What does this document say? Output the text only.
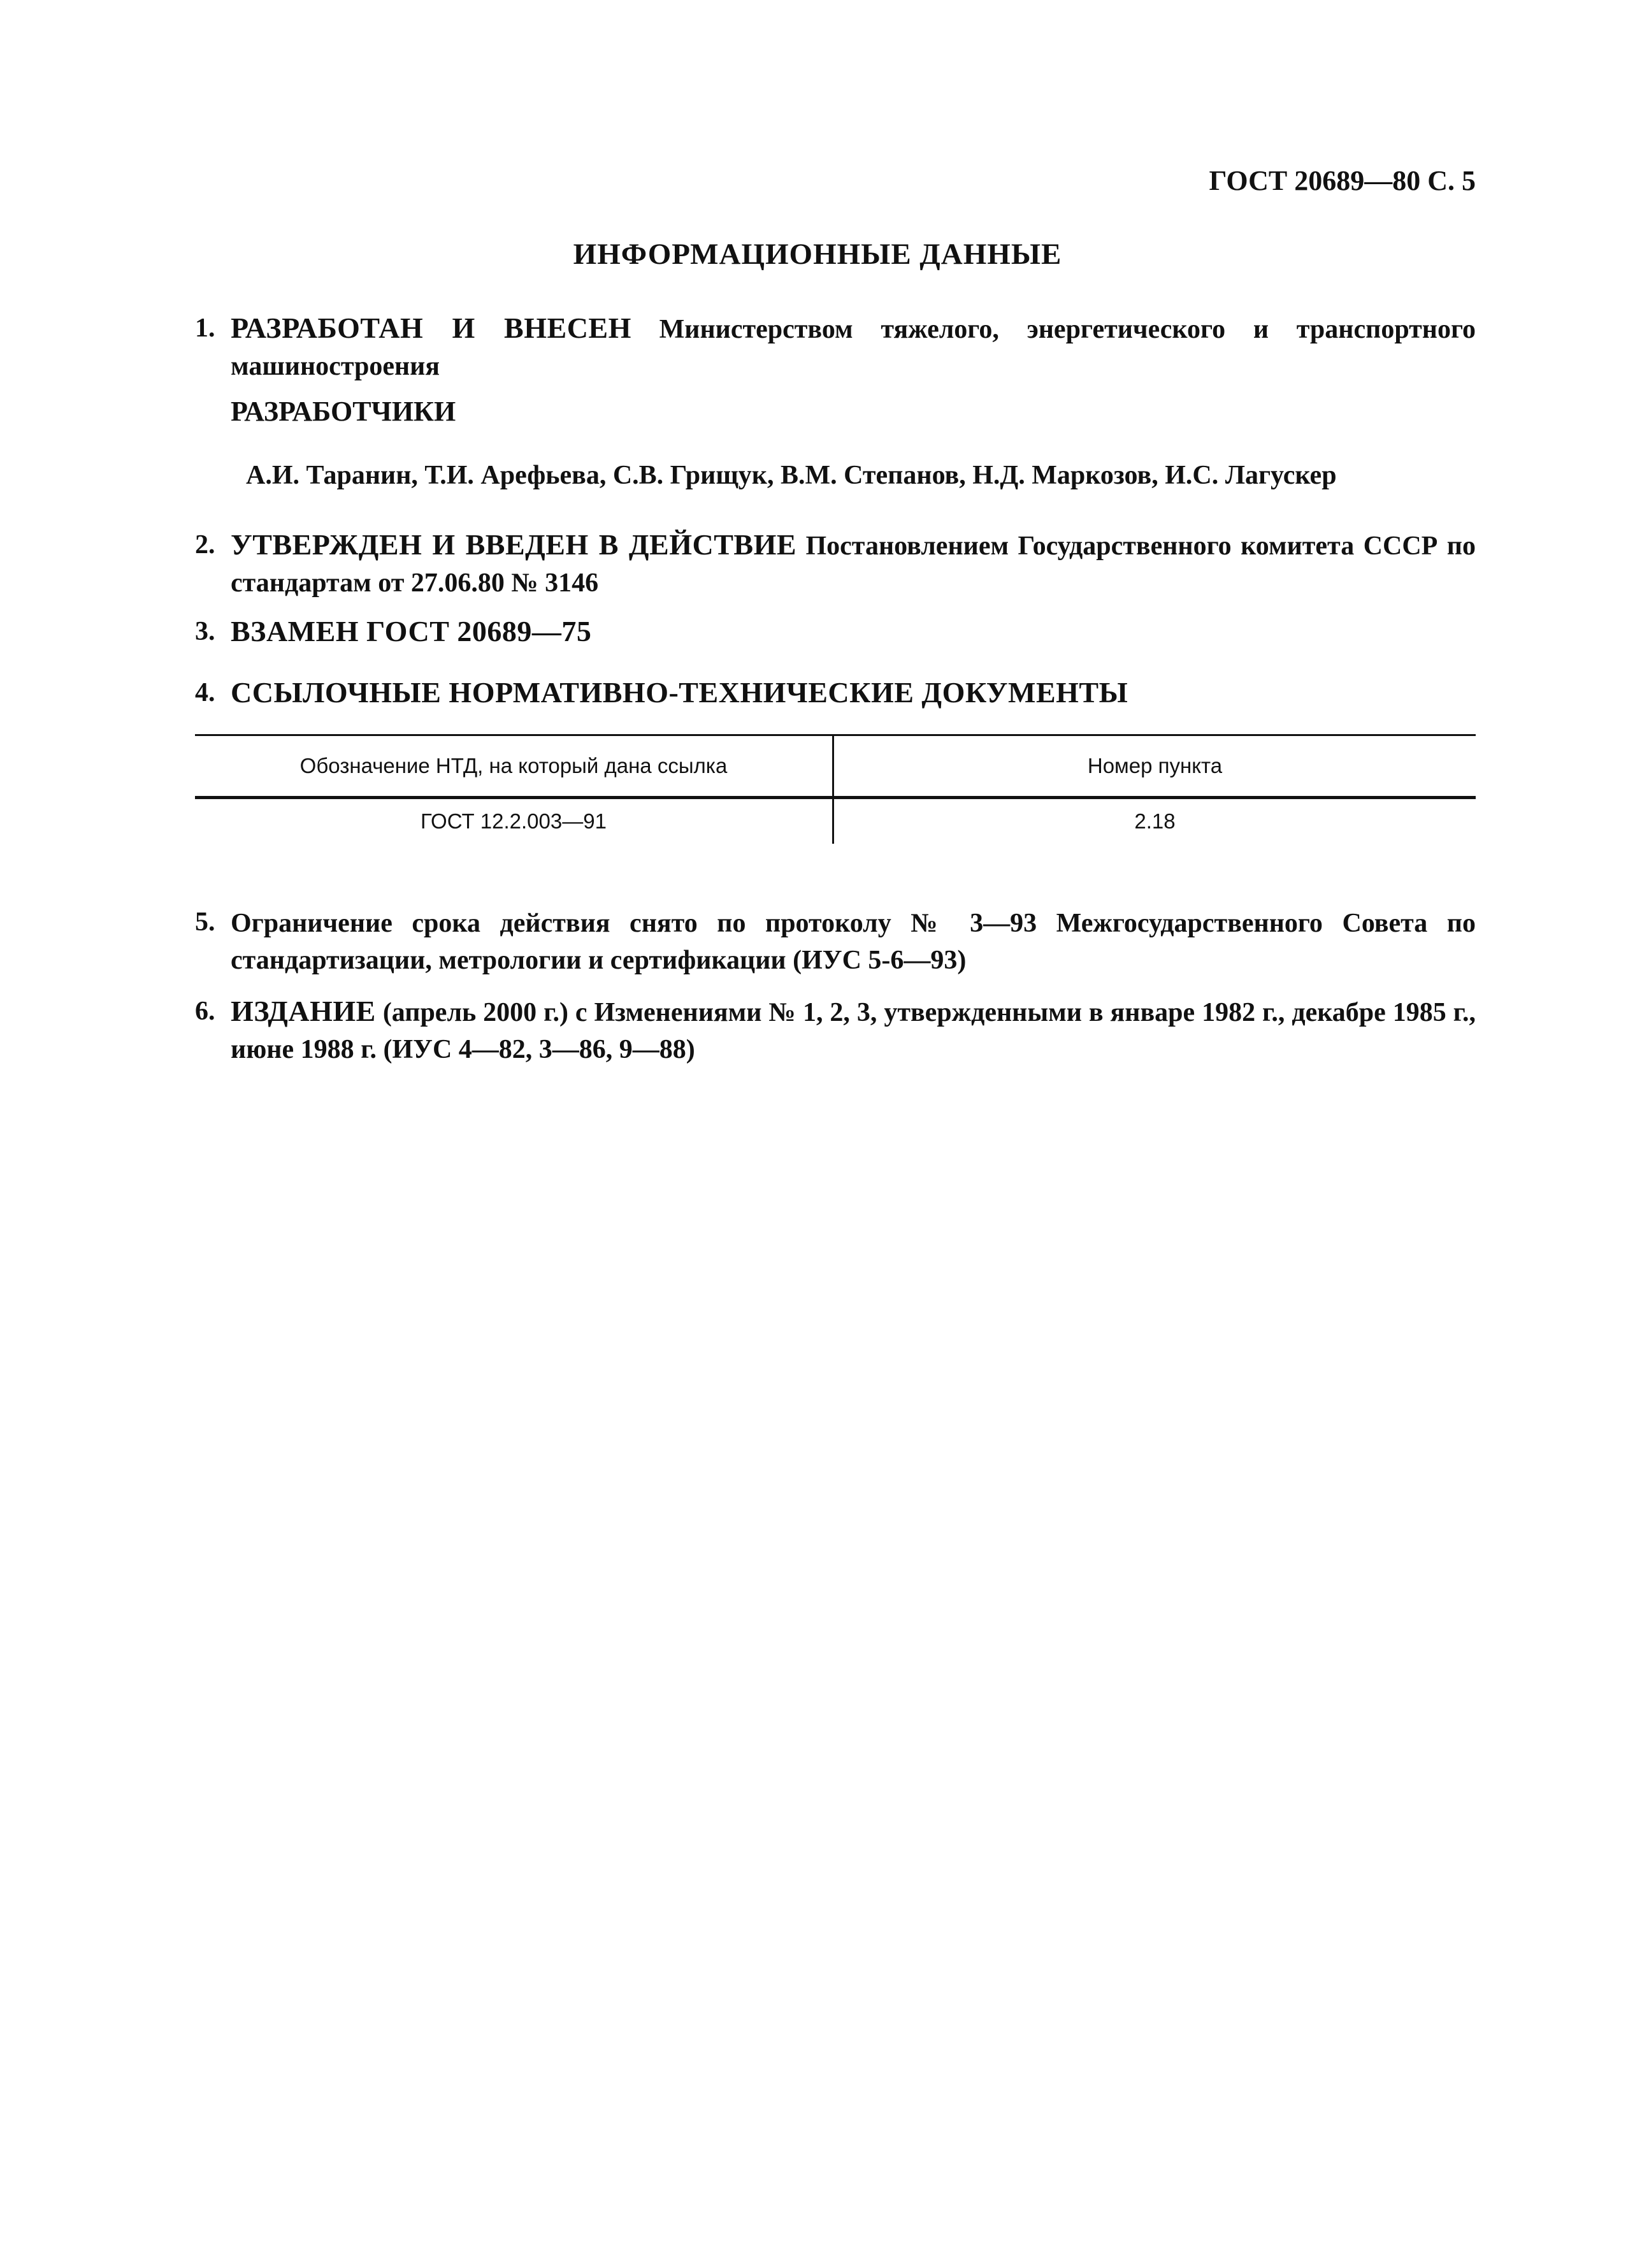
ГОСТ 20689—80 С. 5
ИНФОРМАЦИОННЫЕ ДАННЫЕ
1. РАЗРАБОТАН И ВНЕСЕН Министерством тяжелого, энергетического и транспортного машиностроения
РАЗРАБОТЧИКИ
А.И. Таранин, Т.И. Арефьева, С.В. Грищук, В.М. Степанов, Н.Д. Маркозов, И.С. Лагускер
2. УТВЕРЖДЕН И ВВЕДЕН В ДЕЙСТВИЕ Постановлением Государственного комитета СССР по стандартам от 27.06.80 № 3146
3. ВЗАМЕН ГОСТ 20689—75
4. ССЫЛОЧНЫЕ НОРМАТИВНО-ТЕХНИЧЕСКИЕ ДОКУМЕНТЫ
Обозначение НТД, на который дана ссылка	Номер пункта
ГОСТ 12.2.003—91	2.18
5. Ограничение срока действия снято по протоколу № 3—93 Межгосударственного Совета по стандартизации, метрологии и сертификации (ИУС 5-6—93)
6. ИЗДАНИЕ (апрель 2000 г.) с Изменениями № 1, 2, 3, утвержденными в январе 1982 г., декабре 1985 г., июне 1988 г. (ИУС 4—82, 3—86, 9—88)
